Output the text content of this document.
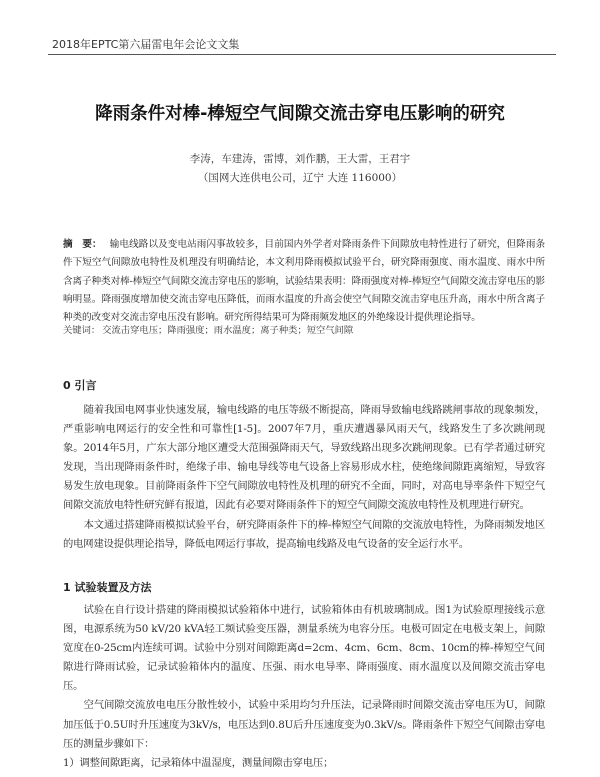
2018年EPTC第六届雷电年会论文文集
降雨条件对棒-棒短空气间隙交流击穿电压影响的研究
李涛，车建涛，雷博，刘作鹏，王大雷，王君宇
（国网大连供电公司，辽宁 大连 116000）
摘　要： 输电线路以及变电站雨闪事故较多，目前国内外学者对降雨条件下间隙放电特性进行了研究，但降雨条件下短空气间隙放电特性及机理没有明确结论，本文利用降雨模拟试验平台，研究降雨强度、雨水温度、雨水中所含离子种类对棒-棒短空气间隙交流击穿电压的影响，试验结果表明：降雨强度对棒-棒短空气间隙交流击穿电压的影响明显。降雨强度增加使交流击穿电压降低，而雨水温度的升高会使空气间隙交流击穿电压升高，雨水中所含离子种类的改变对交流击穿电压没有影响。研究所得结果可为降雨频发地区的外绝缘设计提供理论指导。
关键词： 交流击穿电压；降雨强度；雨水温度；离子种类；短空气间隙
0 引言

随着我国电网事业快速发展，输电线路的电压等级不断提高，降雨导致输电线路跳闸事故的现象频发，严重影响电网运行的安全性和可靠性[1-5]。2007年7月，重庆遭遇暴风雨天气，线路发生了多次跳闸现象。2014年5月，广东大部分地区遭受大范围强降雨天气，导致线路出现多次跳闸现象。已有学者通过研究发现，当出现降雨条件时，绝缘子串、输电导线等电气设备上容易形成水柱，使绝缘间隙距离缩短，导致容易发生放电现象。目前降雨条件下空气间隙放电特性及机理的研究不全面，同时，对高电导率条件下短空气间隙交流放电特性研究鲜有报道，因此有必要对降雨条件下的短空气间隙交流放电特性及机理进行研究。

本文通过搭建降雨模拟试验平台，研究降雨条件下的棒-棒短空气间隙的交流放电特性，为降雨频发地区的电网建设提供理论指导，降低电网运行事故，提高输电线路及电气设备的安全运行水平。

1 试验装置及方法

试验在自行设计搭建的降雨模拟试验箱体中进行，试验箱体由有机玻璃制成。图1为试验原理接线示意图，电源系统为50 kV/20 kVA轻工频试验变压器，测量系统为电容分压。电极可固定在电极支架上，间隙宽度在0-25cm内连续可调。试验中分别对间隙距离d=2cm、4cm、6cm、8cm、10cm的棒-棒短空气间隙进行降雨试验，记录试验箱体内的温度、压强、雨水电导率、降雨强度、雨水温度以及间隙交流击穿电压。

空气间隙交流放电电压分散性较小，试验中采用均匀升压法，记录降雨时间隙交流击穿电压为U，间隙加压低于0.5U时升压速度为3kV/s，电压达到0.8U后升压速度变为0.3kV/s。降雨条件下短空气间隙击穿电压的测量步骤如下：

1）调整间隙距离，记录箱体中温湿度，测量间隙击穿电压；
